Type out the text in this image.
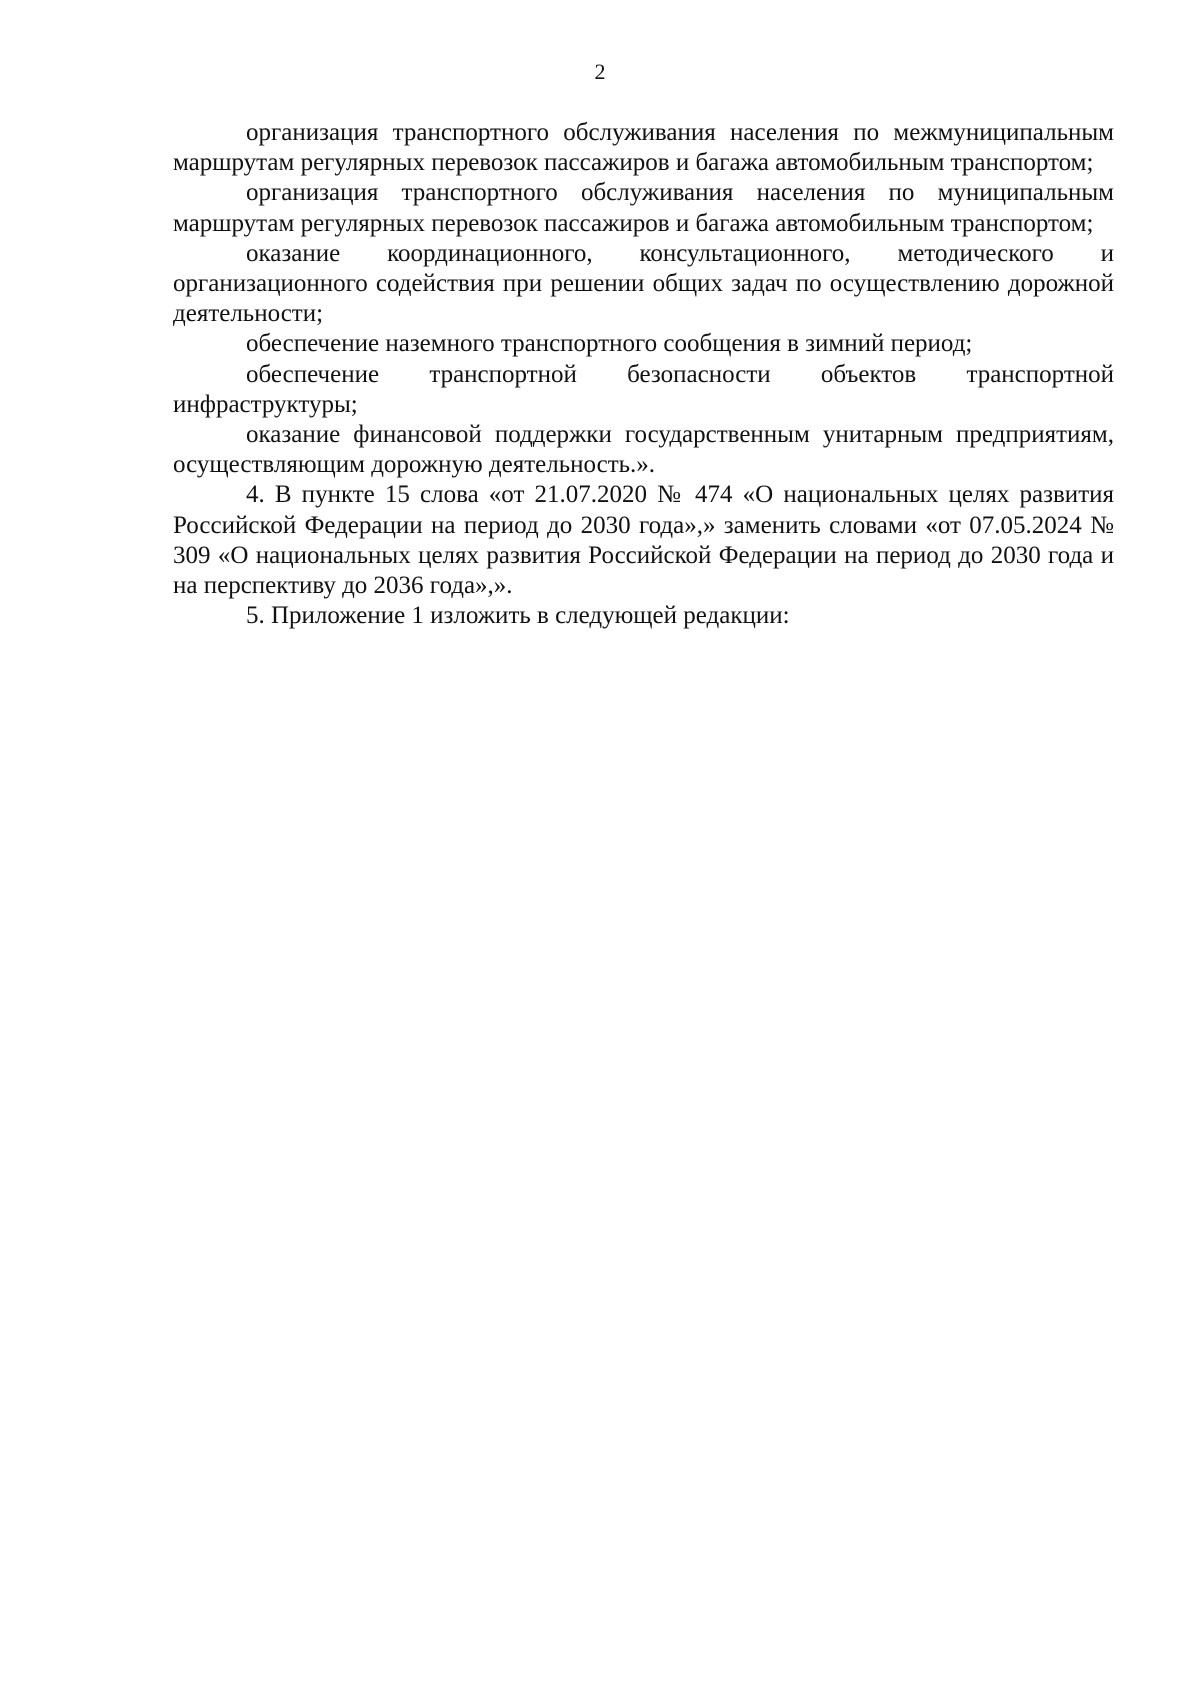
2

организация транспортного обслуживания населения по межмуниципальным маршрутам регулярных перевозок пассажиров и багажа автомобильным транспортом;

организация транспортного обслуживания населения по муниципальным маршрутам регулярных перевозок пассажиров и багажа автомобильным транспортом;

оказание координационного, консультационного, методического и организационного содействия при решении общих задач по осуществлению дорожной деятельности;

обеспечение наземного транспортного сообщения в зимний период;

обеспечение транспортной безопасности объектов транспортной инфраструктуры;

оказание финансовой поддержки государственным унитарным предприятиям, осуществляющим дорожную деятельность.».

4. В пункте 15 слова «от 21.07.2020 № 474 «О национальных целях развития Российской Федерации на период до 2030 года»,» заменить словами «от 07.05.2024 № 309 «О национальных целях развития Российской Федерации на период до 2030 года и на перспективу до 2036 года»,».

5. Приложение 1 изложить в следующей редакции:
